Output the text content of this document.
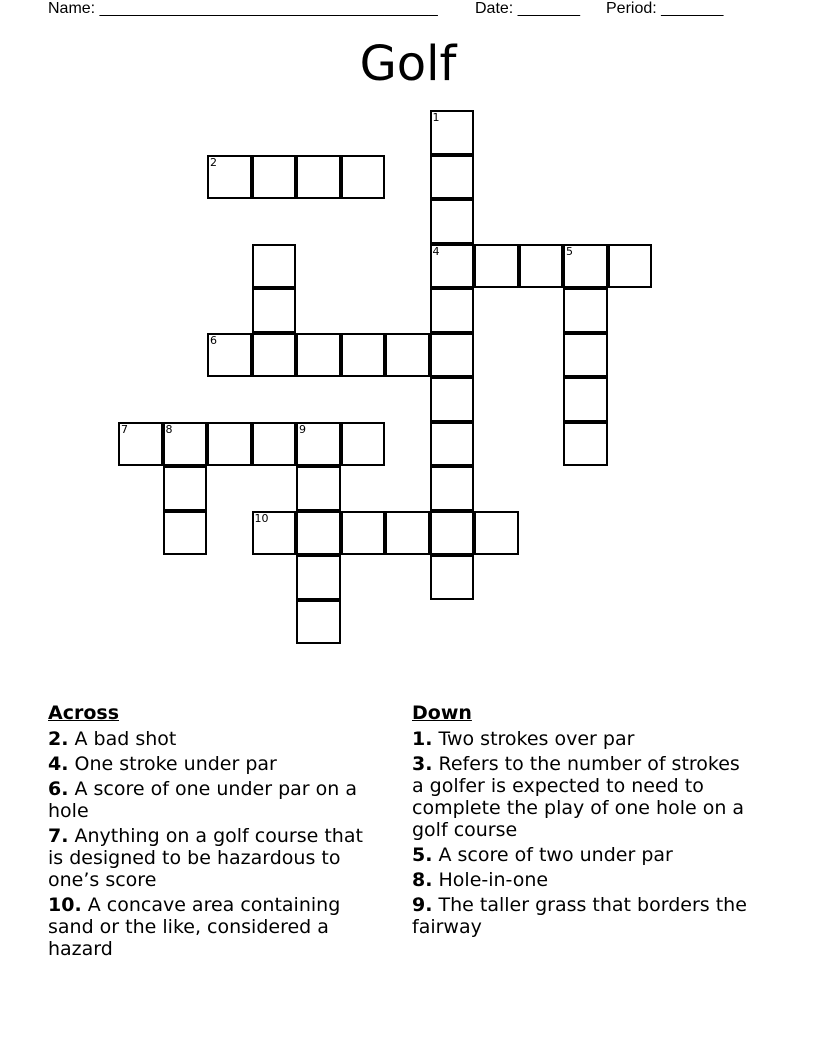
Name: ______________________________________ Date: _______ Period: _______
Golf
1
2
4	5
6
7	8	9
10
Across
2. A bad shot
4. One stroke under par
6. A score of one under par on a hole
7. Anything on a golf course that is designed to be hazardous to one’s score
10. A concave area containing sand or the like, considered a hazard
Down
1. Two strokes over par
3. Refers to the number of strokes a golfer is expected to need to complete the play of one hole on a golf course
5. A score of two under par
8. Hole-in-one
9. The taller grass that borders the fairway
